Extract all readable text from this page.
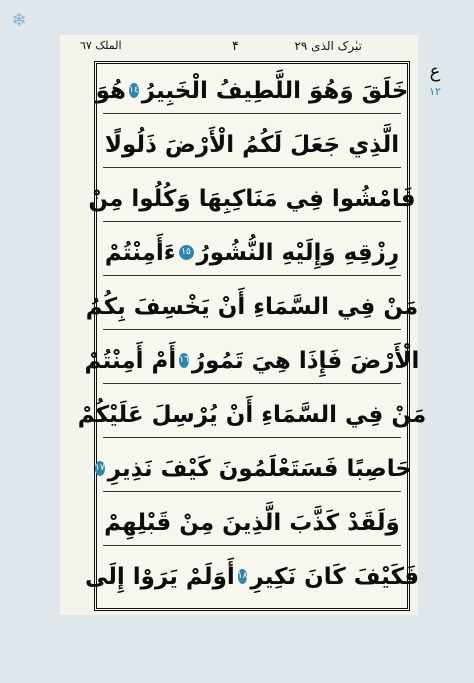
❄
الملک ٦٧	۴	تبٰرک الذی ٢٩
ع
١٢
خَلَقَ وَهُوَ اللَّطِيفُ الْخَبِيرُ
١٤
هُوَ
الَّذِي جَعَلَ لَكُمُ الْأَرْضَ ذَلُولًا
فَامْشُوا فِي مَنَاكِبِهَا وَكُلُوا مِنْ
رِزْقِهِ وَإِلَيْهِ النُّشُورُ
١٥
ءَأَمِنْتُمْ
مَنْ فِي السَّمَاءِ أَنْ يَخْسِفَ بِكُمُ
الْأَرْضَ فَإِذَا هِيَ تَمُورُ
١٦
أَمْ أَمِنْتُمْ
مَنْ فِي السَّمَاءِ أَنْ يُرْسِلَ عَلَيْكُمْ
حَاصِبًا فَسَتَعْلَمُونَ كَيْفَ نَذِيرِ
١٧
وَلَقَدْ كَذَّبَ الَّذِينَ مِنْ قَبْلِهِمْ
فَكَيْفَ كَانَ نَكِيرِ
١٨
أَوَلَمْ يَرَوْا إِلَى
